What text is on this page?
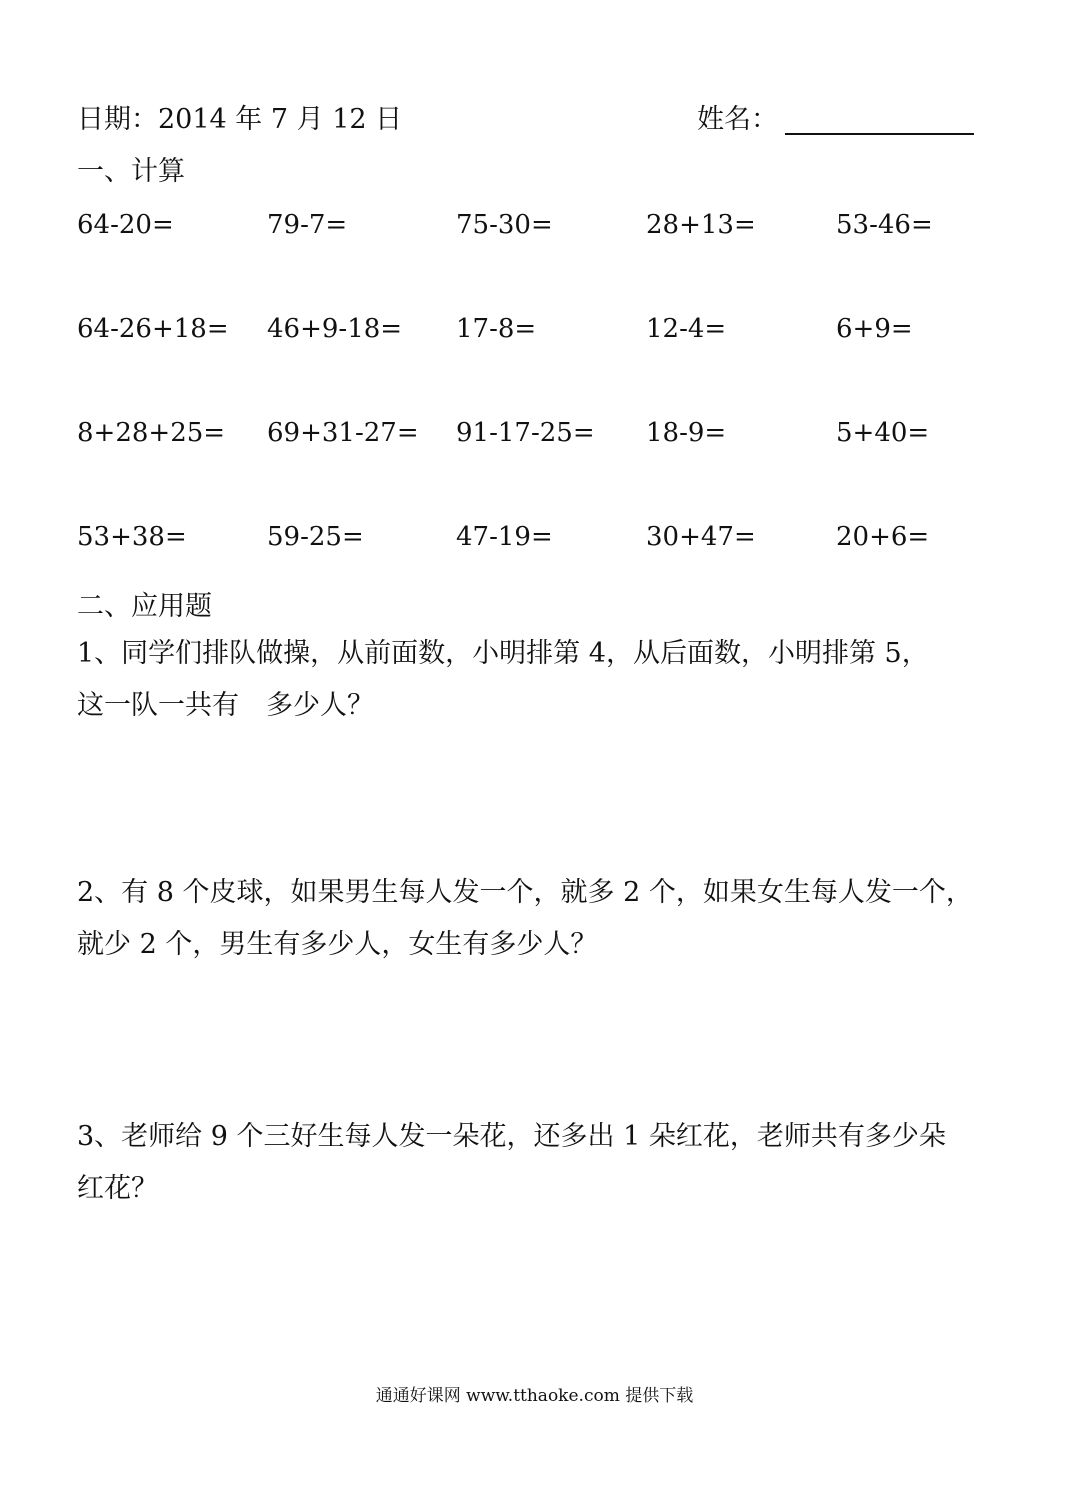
日期：2014 年 7 月 12 日	姓名：
一、计算
64-20=	79-7=	75-30=	28+13=	53-46=
64-26+18= 46+9-18= 17-8=	12-4=	6+9=
8+28+25= 69+31-27= 91-17-25= 18-9=	5+40=
53+38=	59-25=	47-19=	30+47=	20+6=
二、应用题
1、同学们排队做操，从前面数，小明排第 4，从后面数，小明排第 5，
这一队一共有　多少人？
2、有 8 个皮球，如果男生每人发一个，就多 2 个，如果女生每人发一个，
就少 2 个，男生有多少人，女生有多少人？
3、老师给 9 个三好生每人发一朵花，还多出 1 朵红花，老师共有多少朵
红花？
通通好课网 www.tthaoke.com 提供下载
